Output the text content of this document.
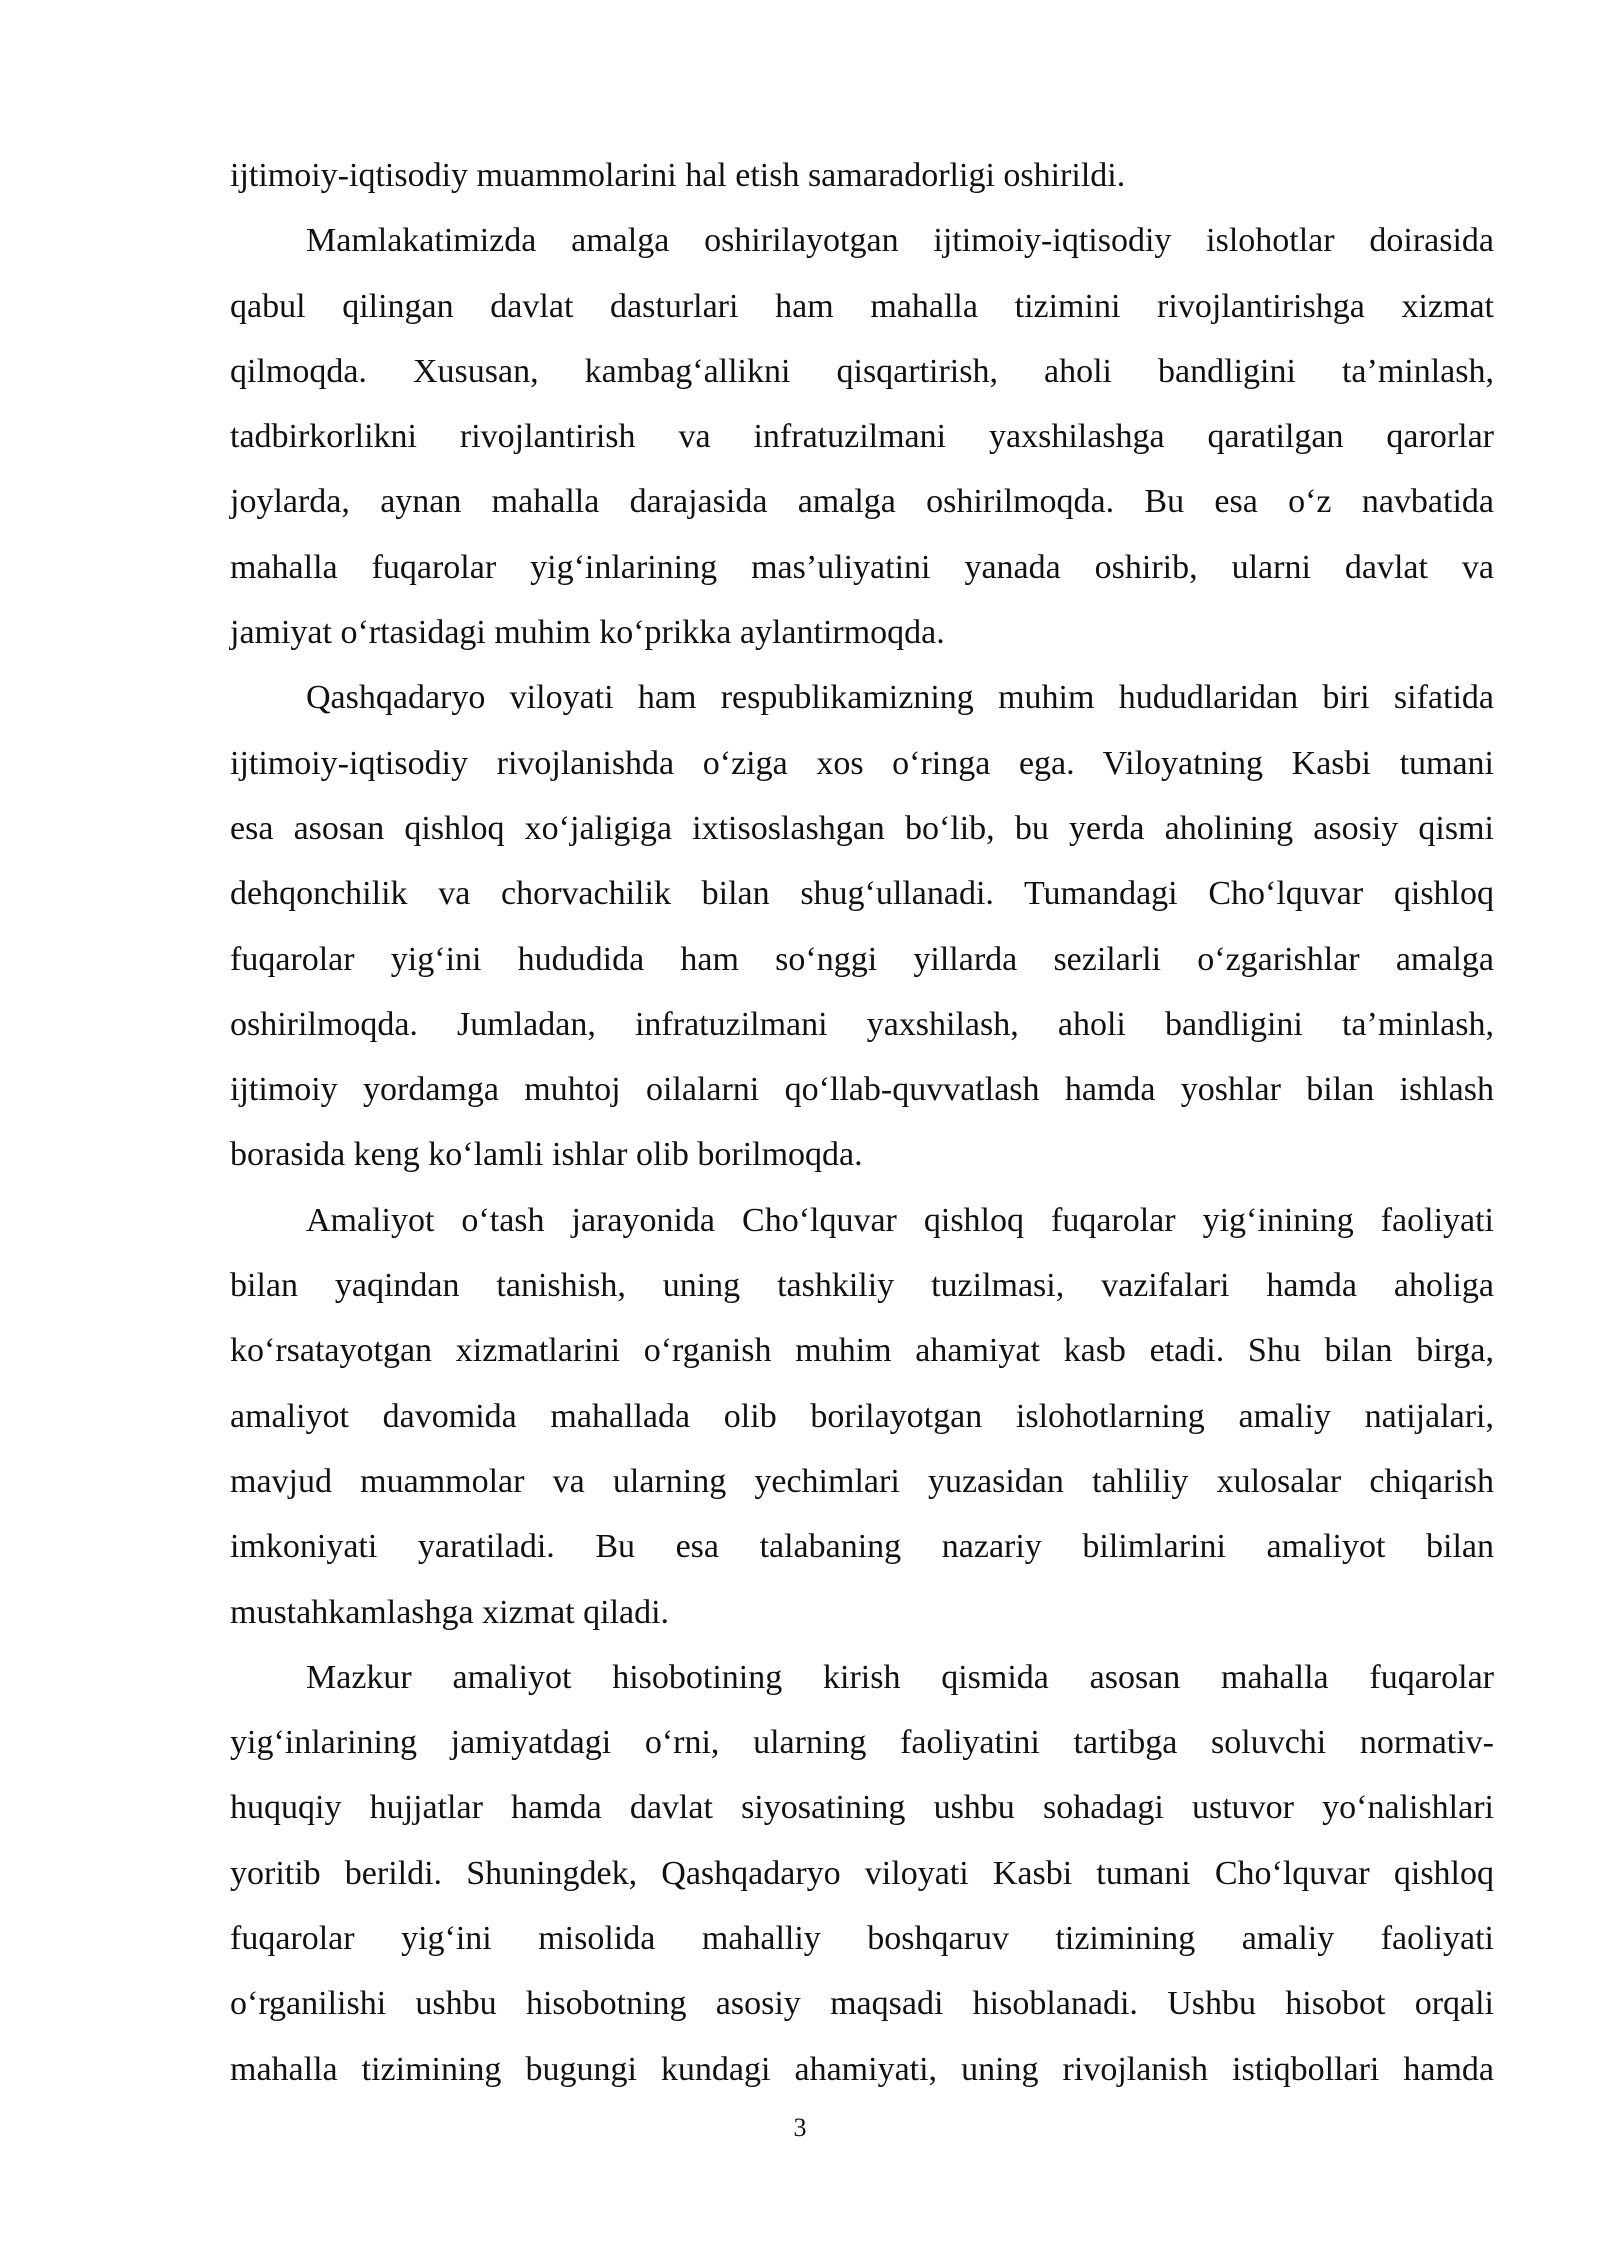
ijtimoiy-iqtisodiy muammolarini hal etish samaradorligi oshirildi.
Mamlakatimizda amalga oshirilayotgan ijtimoiy-iqtisodiy islohotlar doirasida
qabul qilingan davlat dasturlari ham mahalla tizimini rivojlantirishga xizmat
qilmoqda. Xususan, kambag‘allikni qisqartirish, aholi bandligini ta’minlash,
tadbirkorlikni rivojlantirish va infratuzilmani yaxshilashga qaratilgan qarorlar
joylarda, aynan mahalla darajasida amalga oshirilmoqda. Bu esa o‘z navbatida
mahalla fuqarolar yig‘inlarining mas’uliyatini yanada oshirib, ularni davlat va
jamiyat o‘rtasidagi muhim ko‘prikka aylantirmoqda.
Qashqadaryo viloyati ham respublikamizning muhim hududlaridan biri sifatida
ijtimoiy-iqtisodiy rivojlanishda o‘ziga xos o‘ringa ega. Viloyatning Kasbi tumani
esa asosan qishloq xo‘jaligiga ixtisoslashgan bo‘lib, bu yerda aholining asosiy qismi
dehqonchilik va chorvachilik bilan shug‘ullanadi. Tumandagi Cho‘lquvar qishloq
fuqarolar yig‘ini hududida ham so‘nggi yillarda sezilarli o‘zgarishlar amalga
oshirilmoqda. Jumladan, infratuzilmani yaxshilash, aholi bandligini ta’minlash,
ijtimoiy yordamga muhtoj oilalarni qo‘llab-quvvatlash hamda yoshlar bilan ishlash
borasida keng ko‘lamli ishlar olib borilmoqda.
Amaliyot o‘tash jarayonida Cho‘lquvar qishloq fuqarolar yig‘inining faoliyati
bilan yaqindan tanishish, uning tashkiliy tuzilmasi, vazifalari hamda aholiga
ko‘rsatayotgan xizmatlarini o‘rganish muhim ahamiyat kasb etadi. Shu bilan birga,
amaliyot davomida mahallada olib borilayotgan islohotlarning amaliy natijalari,
mavjud muammolar va ularning yechimlari yuzasidan tahliliy xulosalar chiqarish
imkoniyati yaratiladi. Bu esa talabaning nazariy bilimlarini amaliyot bilan
mustahkamlashga xizmat qiladi.
Mazkur amaliyot hisobotining kirish qismida asosan mahalla fuqarolar
yig‘inlarining jamiyatdagi o‘rni, ularning faoliyatini tartibga soluvchi normativ-
huquqiy hujjatlar hamda davlat siyosatining ushbu sohadagi ustuvor yo‘nalishlari
yoritib berildi. Shuningdek, Qashqadaryo viloyati Kasbi tumani Cho‘lquvar qishloq
fuqarolar yig‘ini misolida mahalliy boshqaruv tizimining amaliy faoliyati
o‘rganilishi ushbu hisobotning asosiy maqsadi hisoblanadi. Ushbu hisobot orqali
mahalla tizimining bugungi kundagi ahamiyati, uning rivojlanish istiqbollari hamda
3
